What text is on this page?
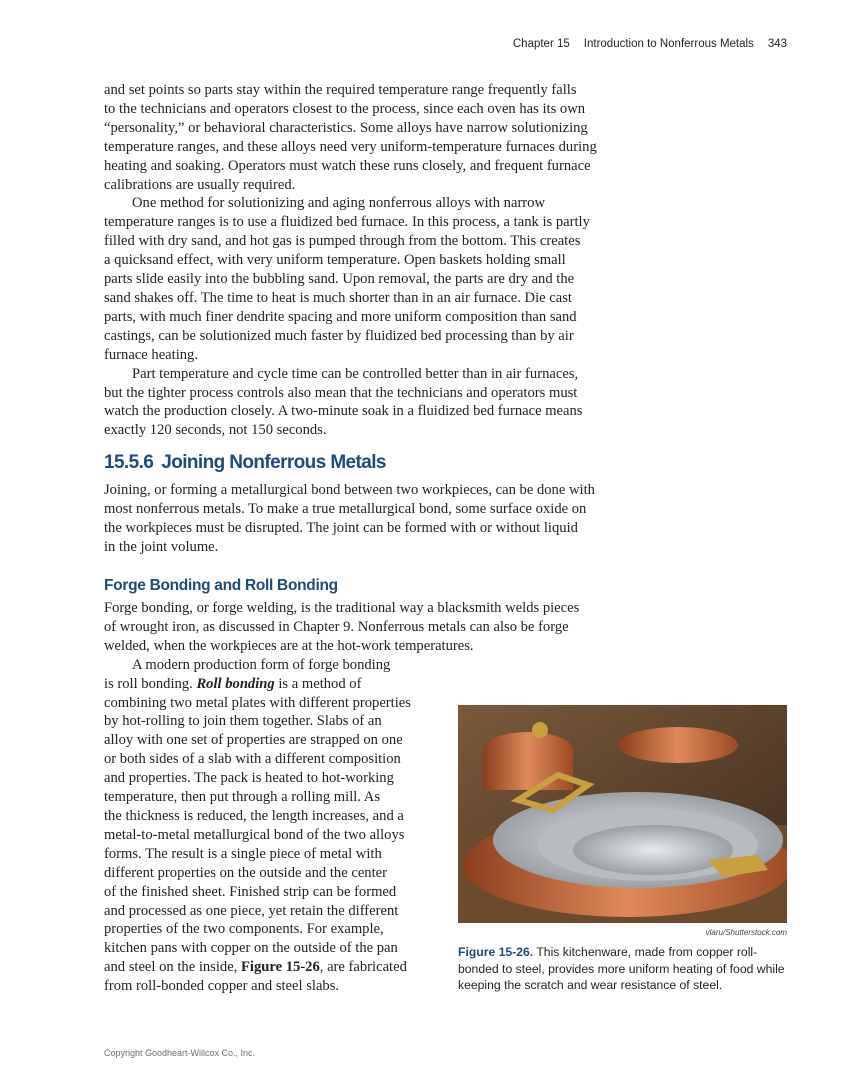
Chapter 15 Introduction to Nonferrous Metals 343
and set points so parts stay within the required temperature range frequently falls
to the technicians and operators closest to the process, since each oven has its own
“personality,” or behavioral characteristics. Some alloys have narrow solutionizing
temperature ranges, and these alloys need very uniform-temperature furnaces during
heating and soaking. Operators must watch these runs closely, and frequent furnace
calibrations are usually required.
One method for solutionizing and aging nonferrous alloys with narrow
temperature ranges is to use a fluidized bed furnace. In this process, a tank is partly
filled with dry sand, and hot gas is pumped through from the bottom. This creates
a quicksand effect, with very uniform temperature. Open baskets holding small
parts slide easily into the bubbling sand. Upon removal, the parts are dry and the
sand shakes off. The time to heat is much shorter than in an air furnace. Die cast
parts, with much finer dendrite spacing and more uniform composition than sand
castings, can be solutionized much faster by fluidized bed processing than by air
furnace heating.
Part temperature and cycle time can be controlled better than in air furnaces,
but the tighter process controls also mean that the technicians and operators must
watch the production closely. A two-minute soak in a fluidized bed furnace means
exactly 120 seconds, not 150 seconds.
15.5.6 Joining Nonferrous Metals
Joining, or forming a metallurgical bond between two workpieces, can be done with
most nonferrous metals. To make a true metallurgical bond, some surface oxide on
the workpieces must be disrupted. The joint can be formed with or without liquid
in the joint volume.
Forge Bonding and Roll Bonding
Forge bonding, or forge welding, is the traditional way a blacksmith welds pieces
of wrought iron, as discussed in Chapter 9. Nonferrous metals can also be forge
welded, when the workpieces are at the hot-work temperatures.
A modern production form of forge bonding
is roll bonding. Roll bonding is a method of
combining two metal plates with different properties
by hot-rolling to join them together. Slabs of an
alloy with one set of properties are strapped on one
or both sides of a slab with a different composition
and properties. The pack is heated to hot-working
temperature, then put through a rolling mill. As
the thickness is reduced, the length increases, and a
metal-to-metal metallurgical bond of the two alloys
forms. The result is a single piece of metal with
different properties on the outside and the center
of the finished sheet. Finished strip can be formed
and processed as one piece, yet retain the different
properties of the two components. For example,
kitchen pans with copper on the outside of the pan
and steel on the inside, Figure 15-26, are fabricated
from roll-bonded copper and steel slabs.
vlaru/Shutterstock.com
Figure 15-26. This kitchenware, made from copper roll-bonded to steel, provides more uniform heating of food while keeping the scratch and wear resistance of steel.
Copyright Goodheart-Willcox Co., Inc.
